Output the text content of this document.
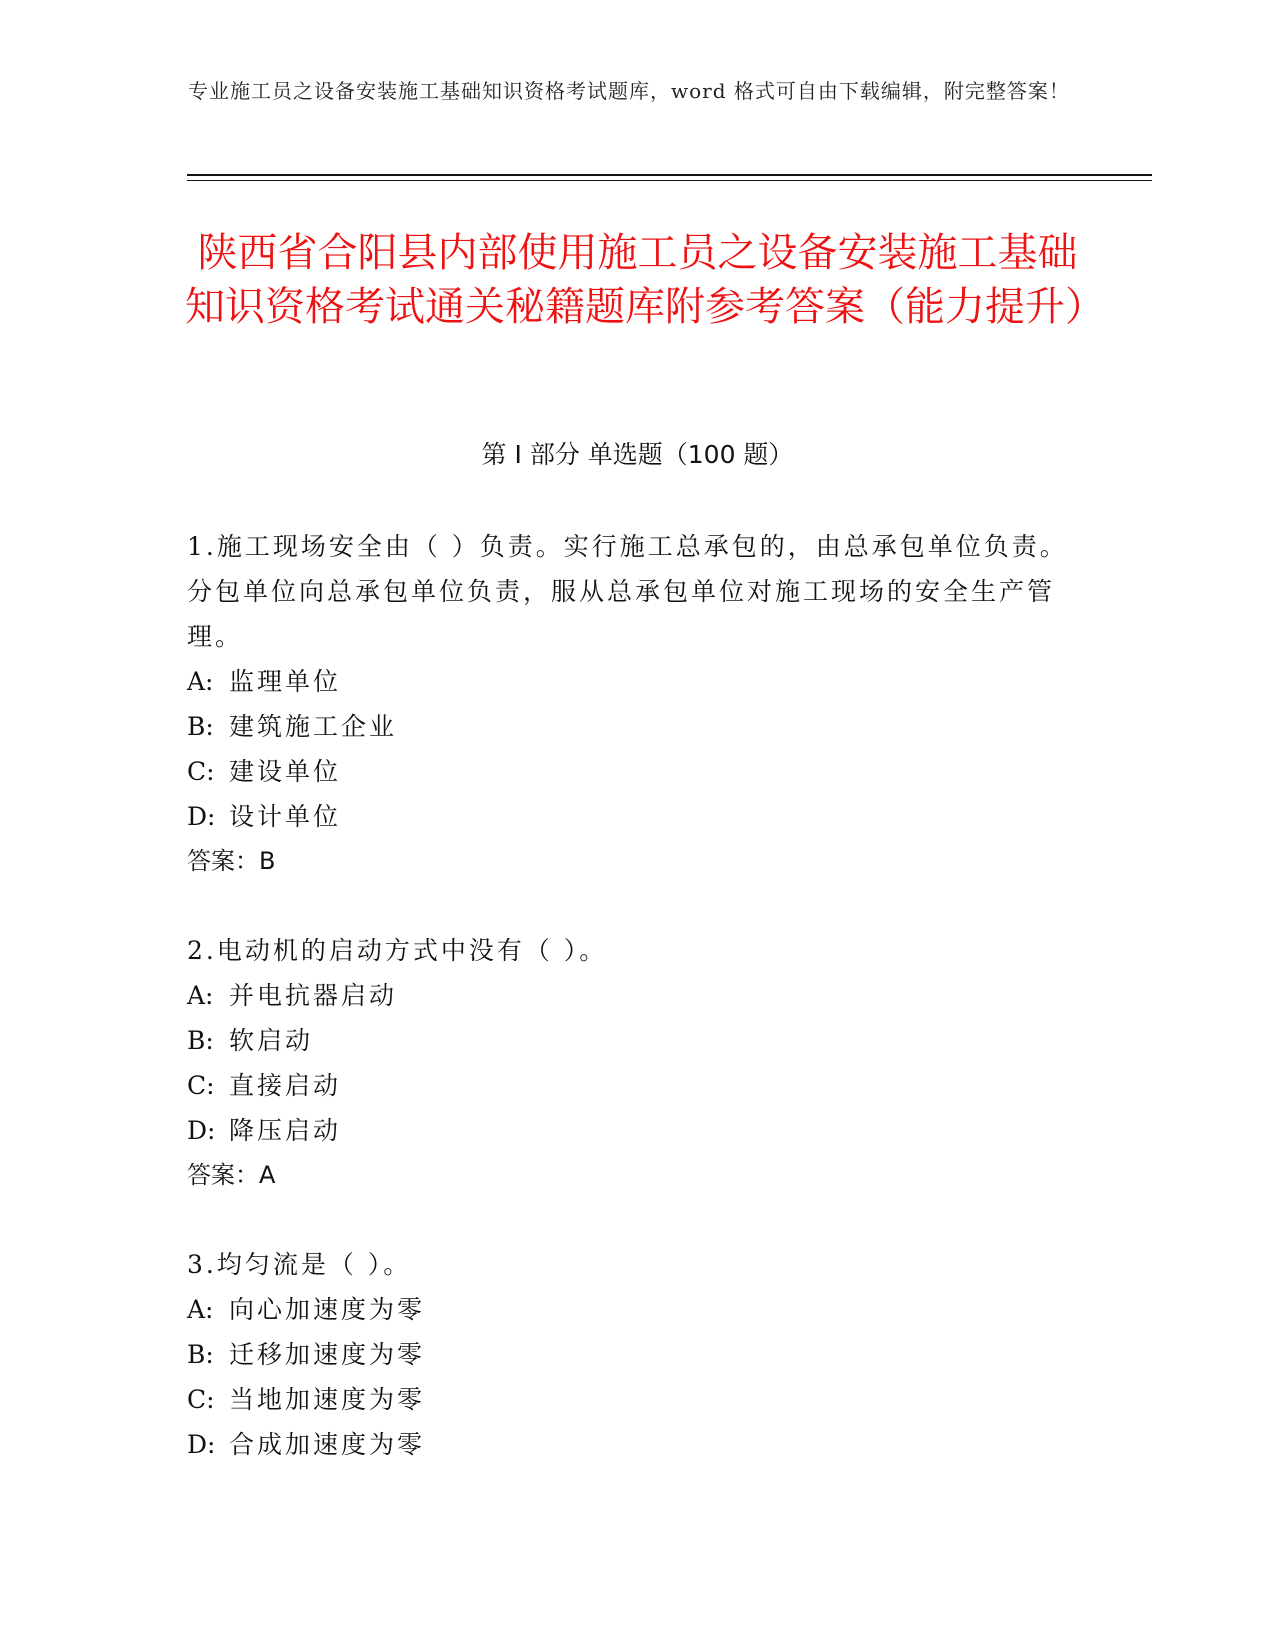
专业施工员之设备安装施工基础知识资格考试题库，word 格式可自由下载编辑，附完整答案！
陕西省合阳县内部使用施工员之设备安装施工基础知识资格考试通关秘籍题库附参考答案（能力提升）
第 I 部分 单选题（100 题）
1.施工现场安全由（ ）负责。实行施工总承包的，由总承包单位负责。分包单位向总承包单位负责，服从总承包单位对施工现场的安全生产管理。
A: 监理单位
B: 建筑施工企业
C: 建设单位
D: 设计单位
答案：B
2.电动机的启动方式中没有（ ）。
A: 并电抗器启动
B: 软启动
C: 直接启动
D: 降压启动
答案：A
3.均匀流是（ ）。
A: 向心加速度为零
B: 迁移加速度为零
C: 当地加速度为零
D: 合成加速度为零
